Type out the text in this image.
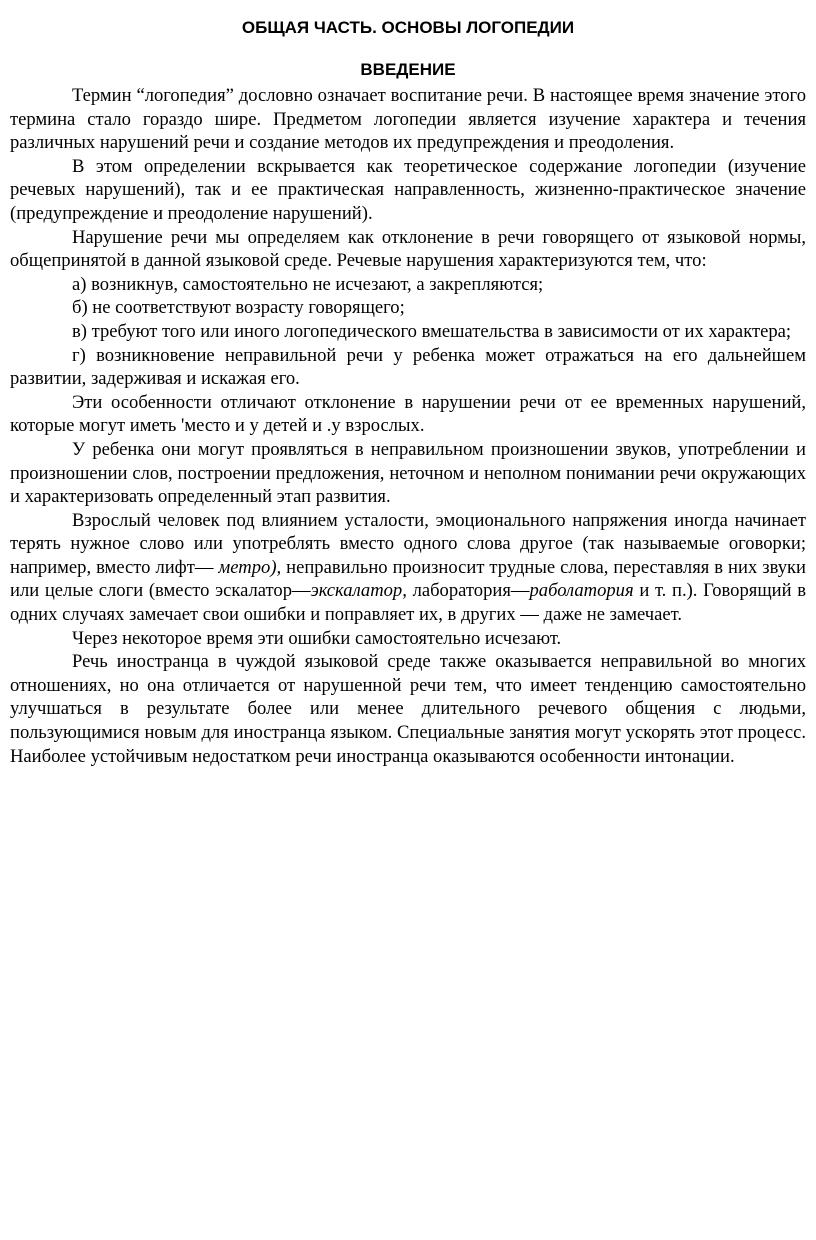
ОБЩАЯ ЧАСТЬ. ОСНОВЫ ЛОГОПЕДИИ
ВВЕДЕНИЕ

Термин “логопедия” дословно означает воспитание речи. В настоящее время значение этого термина стало гораздо шире. Предметом логопедии является изучение характера и течения различных нарушений речи и создание методов их предупреждения и преодоления.

В этом определении вскрывается как теоретическое содержание логопедии (изучение речевых нарушений), так и ее практическая направленность, жизненно-практическое значение (предупреждение и преодоление нарушений).

Нарушение речи мы определяем как отклонение в речи говорящего от языковой нормы, общепринятой в данной языковой среде. Речевые нарушения характеризуются тем, что:

а) возникнув, самостоятельно не исчезают, а закрепляются;

б) не соответствуют возрасту говорящего;

в) требуют того или иного логопедического вмешательства в зависимости от их характера;

г) возникновение неправильной речи у ребенка может отражаться на его дальнейшем развитии, задерживая и искажая его.

Эти особенности отличают отклонение в нарушении речи от ее временных нарушений, которые могут иметь 'место и у детей и .у взрослых.

У ребенка они могут проявляться в неправильном произношении звуков, употреблении и произношении слов, построении предложения, неточном и неполном понимании речи окружающих и характеризовать определенный этап развития.

Взрослый человек под влиянием усталости, эмоционального напряжения иногда начинает терять нужное слово или употреблять вместо одного слова другое (так называемые оговорки; например, вместо лифт— метро), неправильно произносит трудные слова, переставляя в них звуки или целые слоги (вместо эскалатор—экскалатор, лаборатория—раболатория и т. п.). Говорящий в одних случаях замечает свои ошибки и поправляет их, в других — даже не замечает.

Через некоторое время эти ошибки самостоятельно исчезают.

Речь иностранца в чуждой языковой среде также оказывается неправильной во многих отношениях, но она отличается от нарушенной речи тем, что имеет тенденцию самостоятельно улучшаться в результате более или менее длительного речевого общения с людьми, пользующимися новым для иностранца языком. Специальные занятия могут ускорять этот процесс. Наиболее устойчивым недостатком речи иностранца оказываются особенности интонации.
